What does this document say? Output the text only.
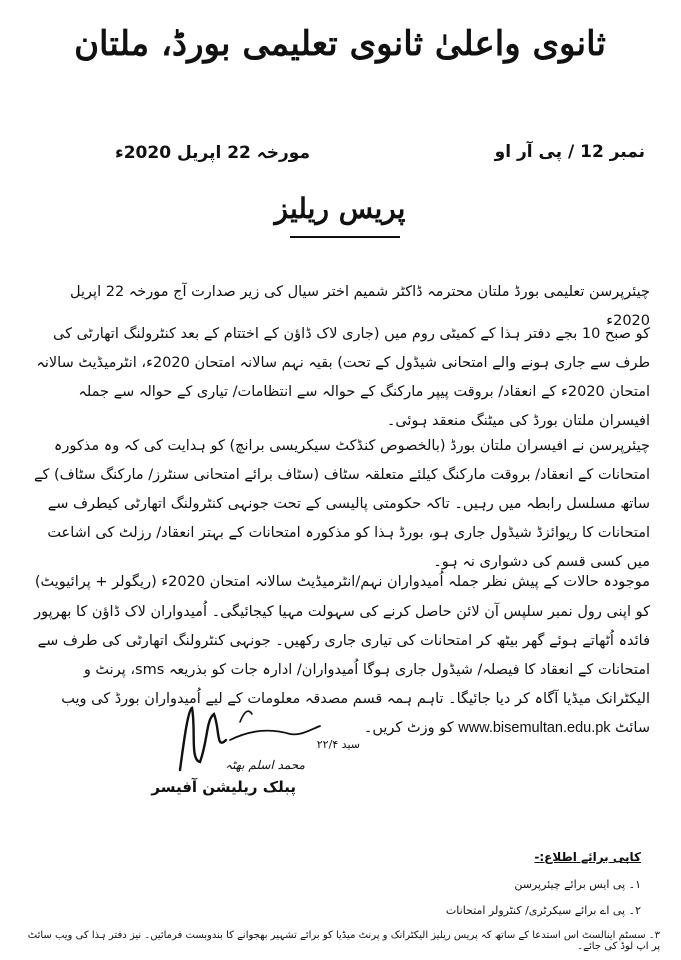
ثانوی واعلیٰ ثانوی تعلیمی بورڈ، ملتان
نمبر 12 / پی آر او
مورخہ 22 اپریل 2020ء
پریس ریلیز
چیئرپرسن تعلیمی بورڈ ملتان محترمہ ڈاکٹر شمیم اختر سیال کی زیر صدارت آج مورخہ 22 اپریل 2020ء
کو صبح 10 بجے دفتر ہذا کے کمیٹی روم میں (جاری لاک ڈاؤن کے اختتام کے بعد کنٹرولنگ اتھارٹی کی طرف سے جاری ہونے والے امتحانی شیڈول کے تحت) بقیہ نہم سالانہ امتحان 2020ء، انٹرمیڈیٹ سالانہ امتحان 2020ء کے انعقاد/ بروقت پیپر مارکنگ کے حوالہ سے انتظامات/ تیاری کے حوالہ سے جملہ افیسران ملتان بورڈ کی میٹنگ منعقد ہوئی۔
چیئرپرسن نے افیسران ملتان بورڈ (بالخصوص کنڈکٹ سیکریسی برانچ) کو ہدایت کی کہ وہ مذکورہ امتحانات کے انعقاد/ بروقت مارکنگ کیلئے متعلقہ سٹاف (سٹاف برائے امتحانی سنٹرز/ مارکنگ سٹاف) کے ساتھ مسلسل رابطہ میں رہیں۔ تاکہ حکومتی پالیسی کے تحت جونہی کنٹرولنگ اتھارٹی کیطرف سے امتحانات کا ریوائزڈ شیڈول جاری ہو، بورڈ ہذا کو مذکورہ امتحانات کے بہتر انعقاد/ رزلٹ کی اشاعت میں کسی قسم کی دشواری نہ ہو۔
موجودہ حالات کے پیش نظر جملہ اُمیدواران نہم/انٹرمیڈیٹ سالانہ امتحان 2020ء (ریگولر + پرائیویٹ)
کو اپنی رول نمبر سلپس آن لائن حاصل کرنے کی سہولت مہیا کیجائیگی۔ اُمیدواران لاک ڈاؤن کا بھرپور فائدہ اُٹھاتے ہوئے گھر بیٹھ کر امتحانات کی تیاری جاری رکھیں۔ جونہی کنٹرولنگ اتھارٹی کی طرف سے امتحانات کے انعقاد کا فیصلہ/ شیڈول جاری ہوگا اُمیدواران/ ادارہ جات کو بذریعہ sms، پرنٹ و الیکٹرانک میڈیا آگاہ کر دیا جائیگا۔ تاہم ہمہ قسم مصدقہ معلومات کے لیے اُمیدواران بورڈ کی ویب سائٹ www.bisemultan.edu.pk کو وزٹ کریں۔
سید ۲۲/۴
محمد اسلم بھٹہ
پبلک ریلیشن آفیسر
کاپی برائے اطلاع:-
۱۔ پی ایس برائے چیئرپرسن
۲۔ پی اے برائے سیکرٹری/ کنٹرولر امتحانات
۳۔ سسٹم اینالسٹ اس استدعا کے ساتھ کہ پریس ریلیز الیکٹرانک و پرنٹ میڈیا کو برائے تشہیر بھجوانے کا بندوبست فرمائیں۔ نیز دفتر ہذا کی ویب سائٹ پر اپ لوڈ کی جائے۔
